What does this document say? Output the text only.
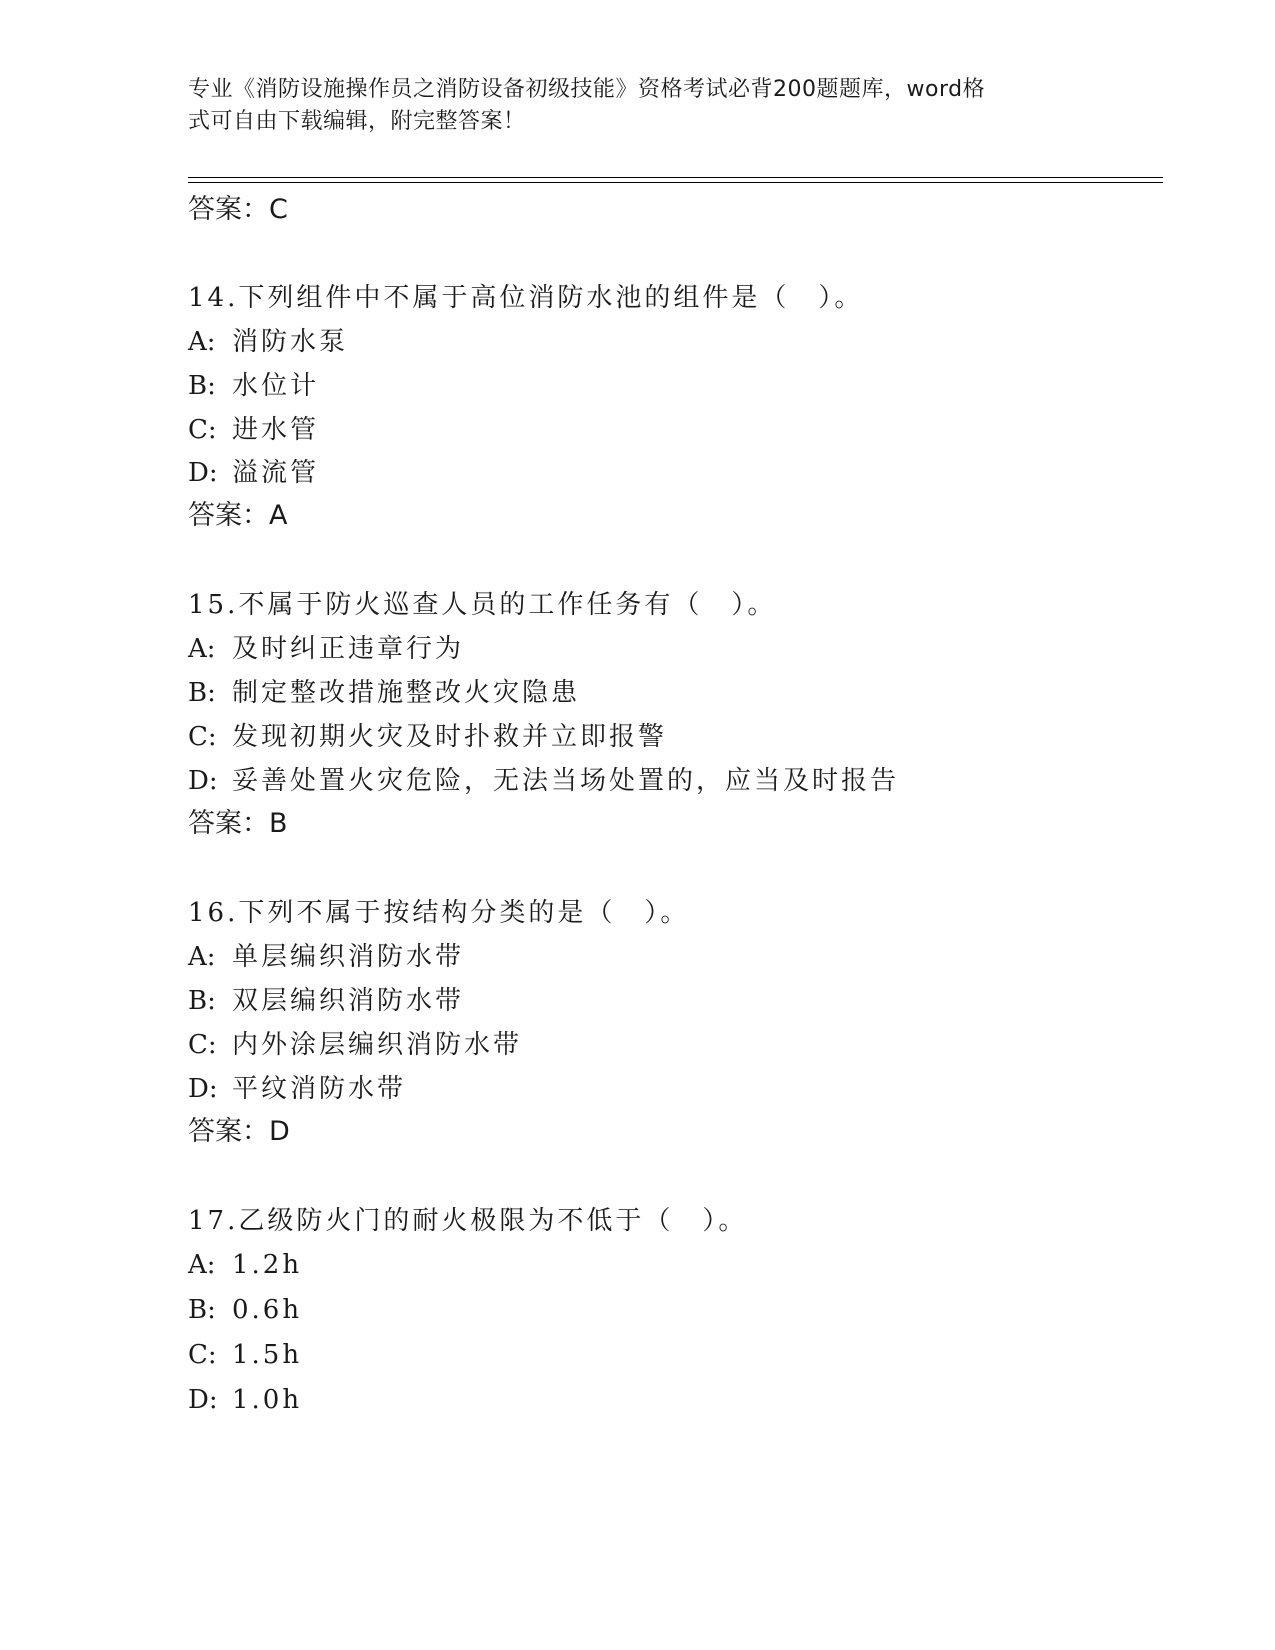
专业《消防设施操作员之消防设备初级技能》资格考试必背200题题库，word格
式可自由下载编辑，附完整答案！
答案：C
14.下列组件中不属于高位消防水池的组件是（　）。
A: 消防水泵
B: 水位计
C: 进水管
D: 溢流管
答案：A
15.不属于防火巡查人员的工作任务有（　）。
A: 及时纠正违章行为
B: 制定整改措施整改火灾隐患
C: 发现初期火灾及时扑救并立即报警
D: 妥善处置火灾危险，无法当场处置的，应当及时报告
答案：B
16.下列不属于按结构分类的是（　）。
A: 单层编织消防水带
B: 双层编织消防水带
C: 内外涂层编织消防水带
D: 平纹消防水带
答案：D
17.乙级防火门的耐火极限为不低于（　）。
A: 1.2h
B: 0.6h
C: 1.5h
D: 1.0h
